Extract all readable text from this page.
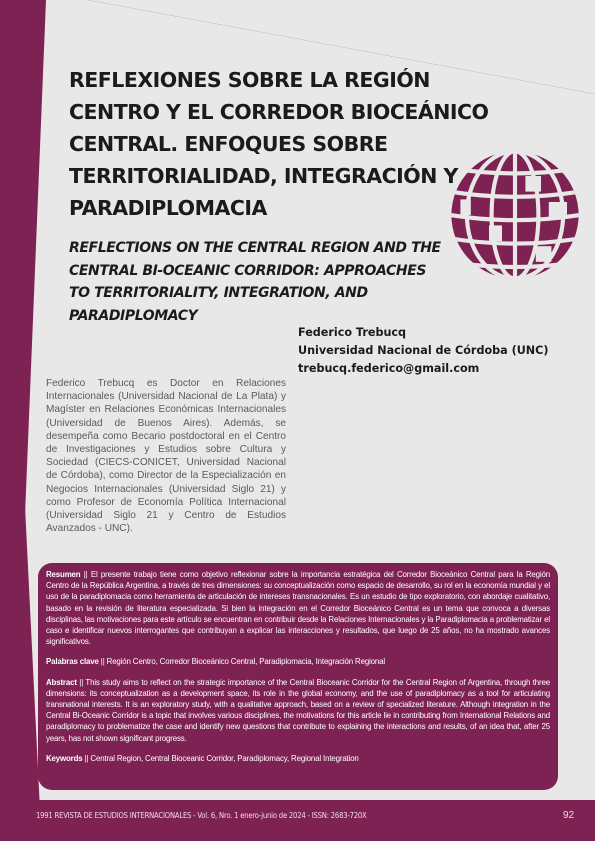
REFLEXIONES SOBRE LA REGIÓN CENTRO Y EL CORREDOR BIOCEÁNICO CENTRAL. ENFOQUES SOBRE TERRITORIALIDAD, INTEGRACIÓN Y PARADIPLOMACIA
REFLECTIONS ON THE CENTRAL REGION AND THE CENTRAL BI-OCEANIC CORRIDOR: APPROACHES TO TERRITORIALITY, INTEGRATION, AND PARADIPLOMACY
Federico Trebucq
Universidad Nacional de Córdoba (UNC)
trebucq.federico@gmail.com

Federico Trebucq es Doctor en Relaciones Internacionales (Universidad Nacional de La Plata) y Magíster en Relaciones Económicas Internacionales (Universidad de Buenos Aires). Además, se desempeña como Becario postdoctoral en el Centro de Investigaciones y Estudios sobre Cultura y Sociedad (CIECS-CONICET, Universidad Nacional de Córdoba), como Director de la Especialización en Negocios Internacionales (Universidad Siglo 21) y como Profesor de Economía Política Internacional (Universidad Siglo 21 y Centro de Estudios Avanzados - UNC).

Resumen || El presente trabajo tiene como objetivo reflexionar sobre la importancia estratégica del Corredor Bioceánico Central para la Región Centro de la República Argentina, a través de tres dimensiones: su conceptualización como espacio de desarrollo, su rol en la economía mundial y el uso de la paradiplomacia como herramienta de articulación de intereses transnacionales. Es un estudio de tipo exploratorio, con abordaje cualitativo, basado en la revisión de literatura especializada. Si bien la integración en el Corredor Bioceánico Central es un tema que convoca a diversas disciplinas, las motivaciones para este artículo se encuentran en contribuir desde la Relaciones Internacionales y la Paradiplomacia a problematizar el caso e identificar nuevos interrogantes que contribuyan a explicar las interacciones y resultados, que luego de 25 años, no ha mostrado avances significativos.

Palabras clave || Región Centro, Corredor Bioceánico Central, Paradiplomacia, Integración Regional

Abstract || This study aims to reflect on the strategic importance of the Central Bioceanic Corridor for the Central Region of Argentina, through three dimensions: its conceptualization as a development space, its role in the global economy, and the use of paradiplomacy as a tool for articulating transnational interests. It is an exploratory study, with a qualitative approach, based on a review of specialized literature. Although integration in the Central Bi-Oceanic Corridor is a topic that involves various disciplines, the motivations for this article lie in contributing from International Relations and paradiplomacy to problematize the case and identify new questions that contribute to explaining the interactions and results, of an idea that, after 25 years, has not shown significant progress.

Keywords || Central Region, Central Bioceanic Corridor, Paradiplomacy, Regional Integration

1991 REVISTA DE ESTUDIOS INTERNACIONALES - Vol. 6, Nro. 1 enero-junio de 2024 - ISSN: 2683-720X	92
